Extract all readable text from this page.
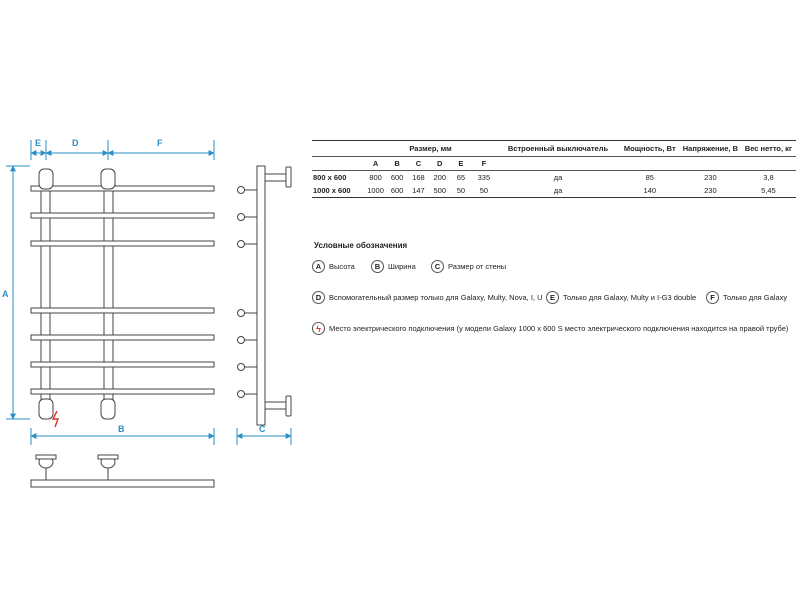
E	D	F
A
B	C
	Размер, мм						Встроенный выключатель	Мощность, Вт	Напряжение, В	Вес нетто, кг
	A	B	C	D	E	F				
800 x 600	800	600	168	200	65	335	да	85	230	3,8
1000 x 600	1000	600	147	500	50	50	да	140	230	5,45
Условные обозначения
A	Высота	B	Ширина	C	Размер от стены
D	Вспомогательный размер только для Galaxy, Multy, Nova, I, U E	Только для Galaxy, Multy и I-G3 double	F	Только для Galaxy
ϟ	Место электрического подключения (у модели Galaxy 1000 х 600 S место электрического подключения находится на правой трубе)
